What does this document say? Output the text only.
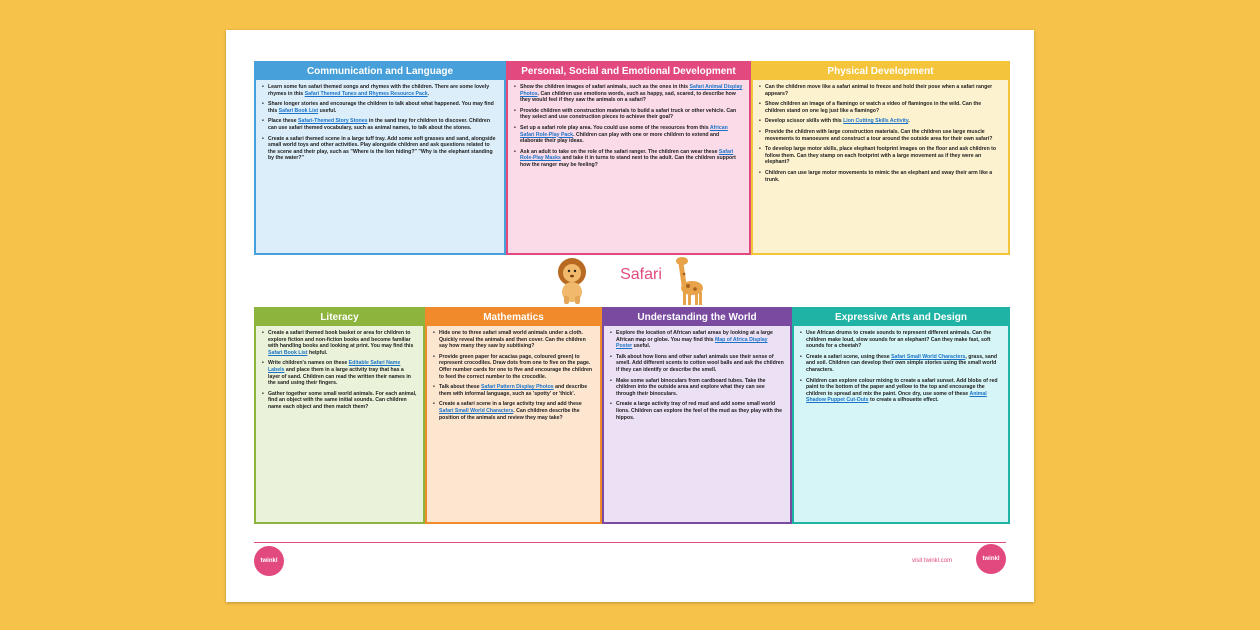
Communication and Language
• Learn some fun safari themed songs and rhymes with the children. There are some lovely rhymes in this Safari Themed Tunes and Rhymes Resource Pack.
• Share longer stories and encourage the children to talk about what happened. You may find this Safari Book List useful.
• Place these Safari-Themed Story Stones in the sand tray for children to discover. Children can use safari themed vocabulary, such as animal names, to talk about the stones.
• Create a safari themed scene in a large tuff tray. Add some soft grasses and sand, alongside small world toys and other activities. Play alongside children and ask questions related to the scene and their play, such as "Where is the lion hiding?" "Why is the elephant standing by the water?"
Personal, Social and Emotional Development
• Show the children images of safari animals, such as the ones in this Safari Animal Display Photos. Can children use emotions words, such as happy, sad, scared, to describe how they would feel if they saw the animals on a safari?
• Provide children with construction materials to build a safari truck or other vehicle. Can they select and use construction pieces to achieve their goal?
• Set up a safari role play area. You could use some of the resources from this African Safari Role-Play Pack. Children can play with one or more children to extend and elaborate their play ideas.
• Ask an adult to take on the role of the safari ranger. The children can wear these Safari Role-Play Masks and take it in turns to stand next to the adult. Can the children support how the ranger may be feeling?
Physical Development
• Can the children move like a safari animal to freeze and hold their pose when a safari ranger appears?
• Show children an image of a flamingo or watch a video of flamingos in the wild. Can the children stand on one leg just like a flamingo?
• Develop scissor skills with this Lion Cutting Skills Activity.
• Provide the children with large construction materials. Can the children use large muscle movements to manoeuvre and construct a tour around the outside area for their own safari?
• To develop large motor skills, place elephant footprint images on the floor and ask children to follow them. Can they stamp on each footprint with a large movement as if they were an elephant?
• Children can use large motor movements to mimic the an elephant and sway their arm like a trunk.
Safari
Literacy
• Create a safari themed book basket or area for children to explore fiction and non-fiction books and become familiar with handling books and looking at print. You may find this Safari Book List helpful.
• Write children's names on these Editable Safari Name Labels and place them in a large activity tray that has a layer of sand. Children can read the written their names in the sand using their fingers.
• Gather together some small world animals. For each animal, find an object with the same initial sounds. Can children name each object and then match them?
Mathematics
• Hide one to three safari small world animals under a cloth. Quickly reveal the animals and then cover. Can the children say how many they saw by subitising?
• Provide green paper for acacias page, coloured green) to represent crocodiles. Draw dots from one to five on the page. Offer number cards for one to five and encourage the children to feed the correct number to the crocodile.
• Talk about these Safari Pattern Display Photos and describe them with informal language, such as 'spotty' or 'thick'.
• Create a safari scene in a large activity tray and add these Safari Small World Characters. Can children describe the position of the animals and review they may take?
Understanding the World
• Explore the location of African safari areas by looking at a large African map or globe. You may find this Map of Africa Display Poster useful.
• Talk about how lions and other safari animals use their sense of smell. Add different scents to cotton wool balls and ask the children if they can identify or describe the smell.
• Make some safari binoculars from cardboard tubes. Take the children into the outside area and explore what they can see through their binoculars.
• Create a large activity tray of red mud and add some small world lions. Children can explore the feel of the mud as they play with the hippos.
Expressive Arts and Design
• Use African drums to create sounds to represent different animals. Can the children make loud, slow sounds for an elephant? Can they make fast, soft sounds for a cheetah?
• Create a safari scene, using these Safari Small World Characters, grass, sand and soil. Children can develop their own simple stories using the small world characters.
• Children can explore colour mixing to create a safari sunset. Add blobs of red paint to the bottom of the paper and yellow to the top and encourage the children to spread and mix the paint. Once dry, use some of these Animal Shadow Puppet Cut-Outs to create a silhouette effect.
twinkl	visit twinkl.com	twinkl
